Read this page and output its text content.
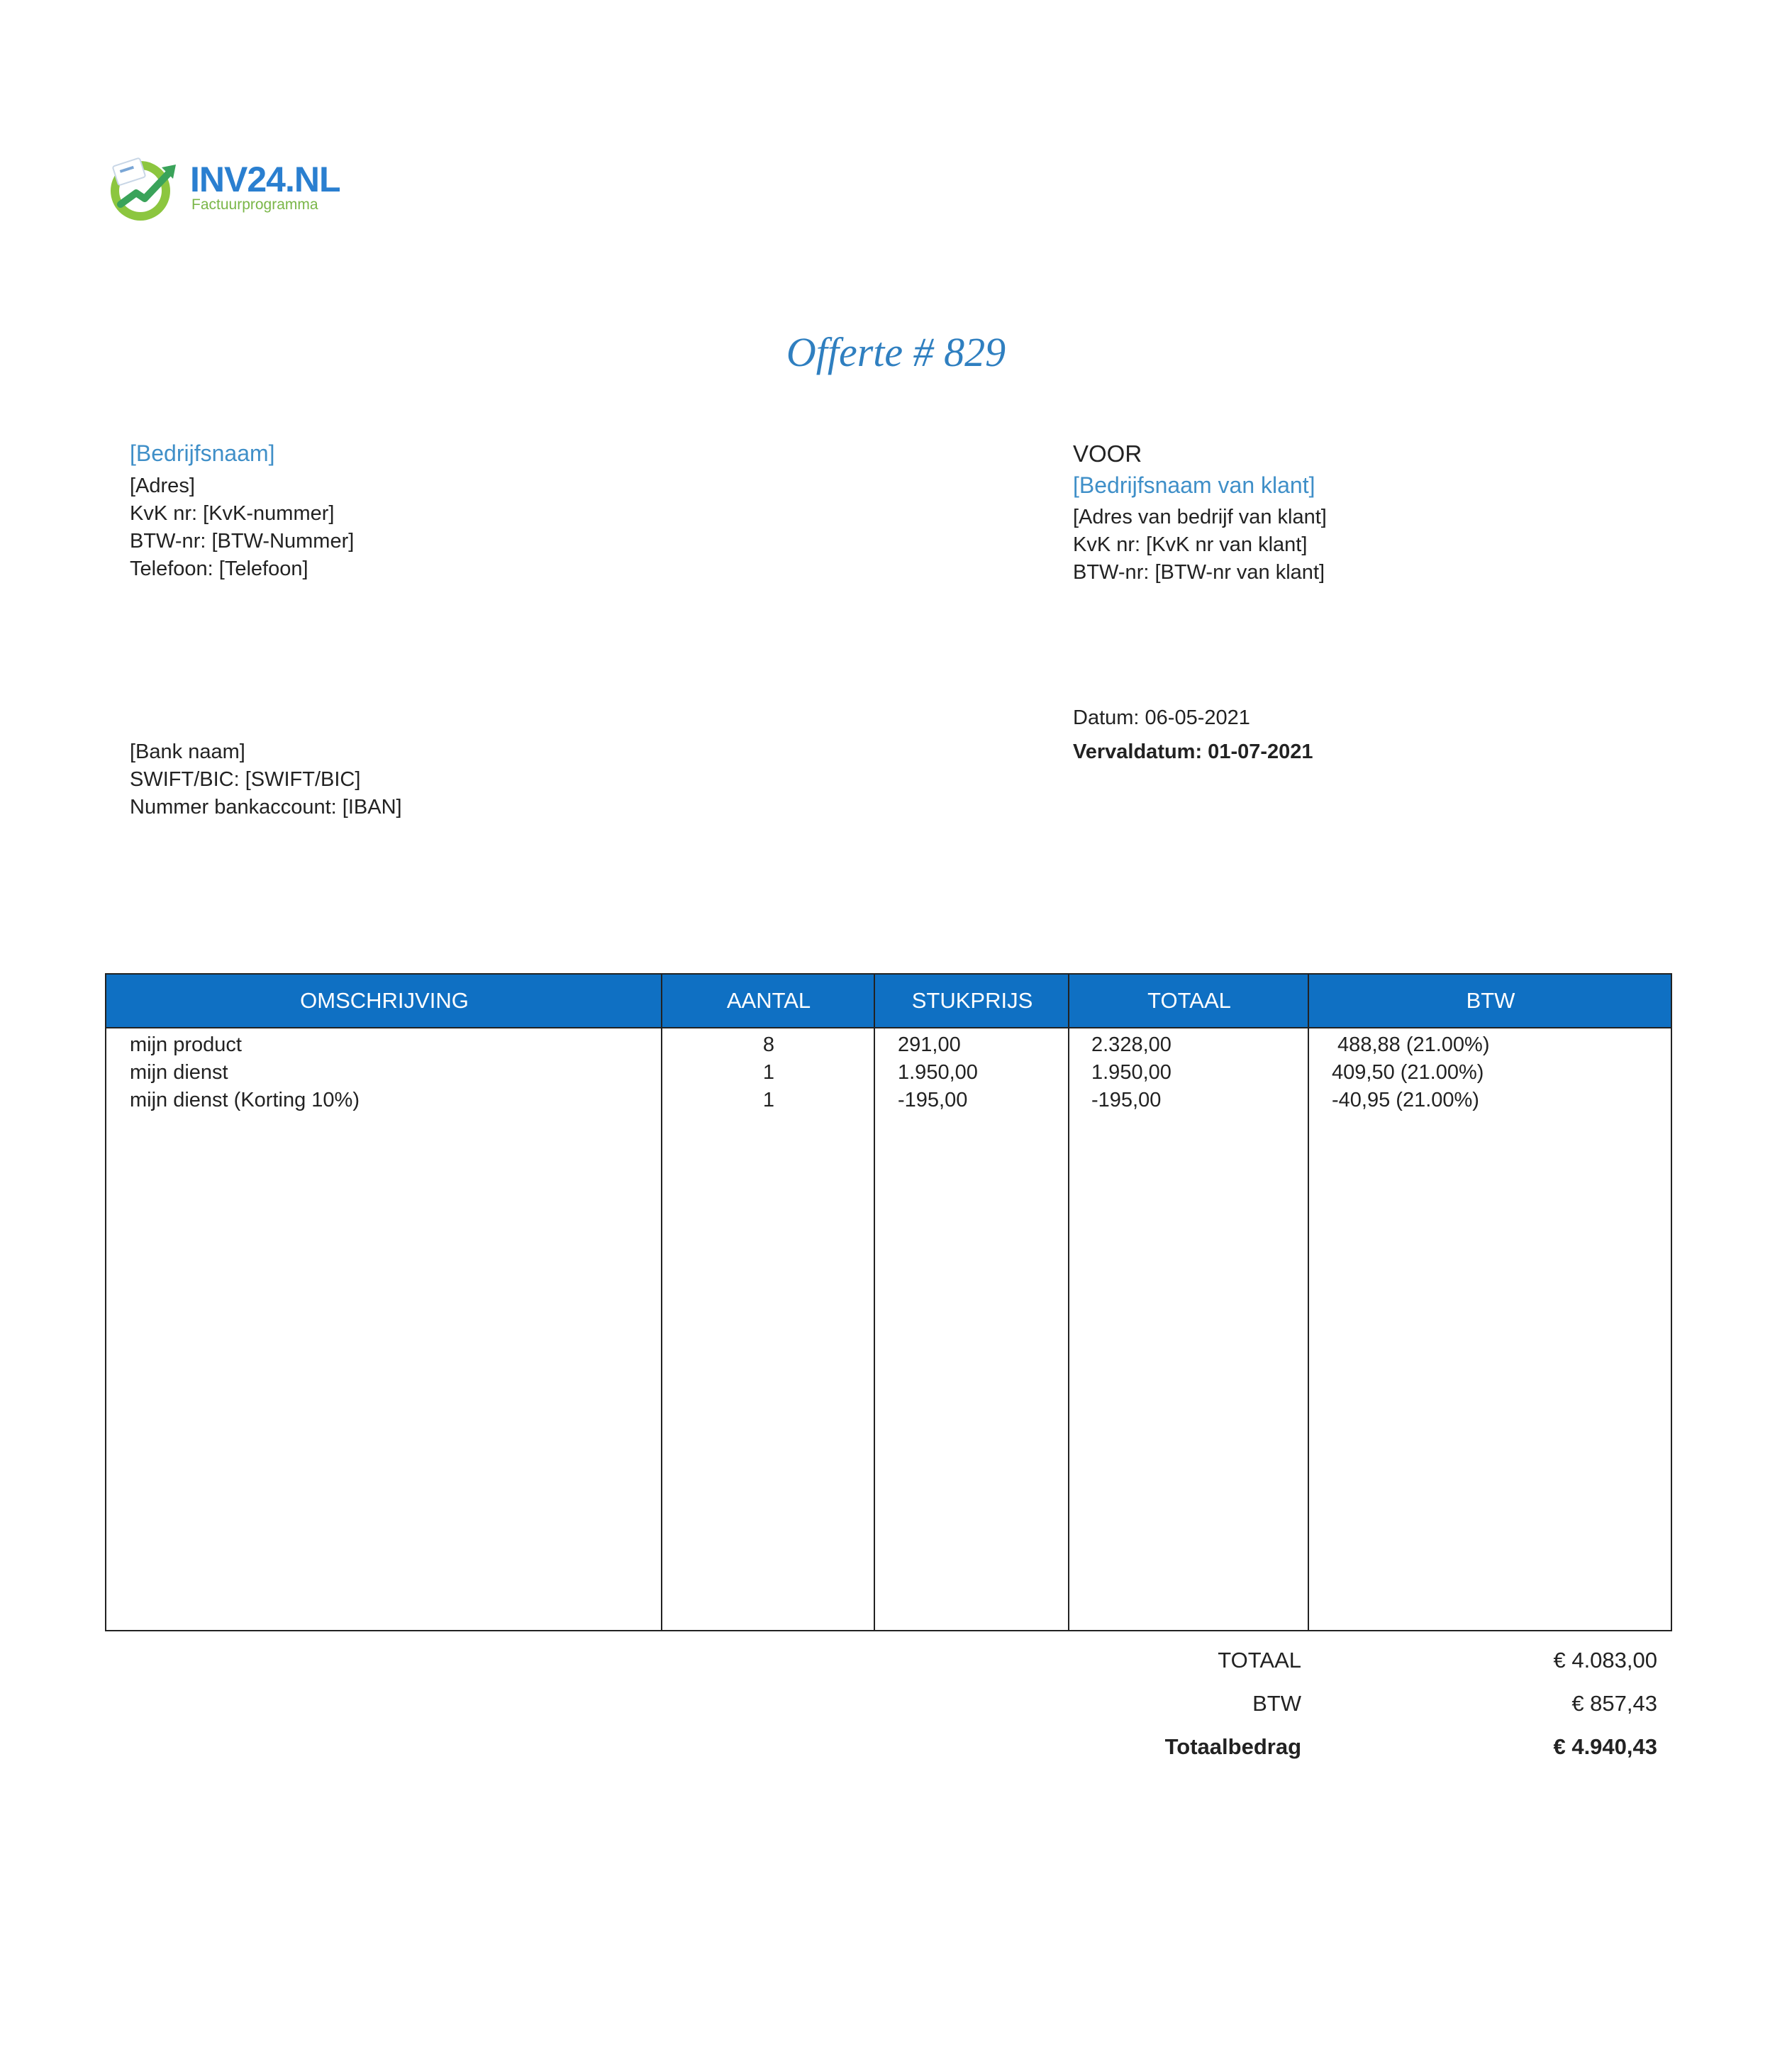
INV24.NL
Factuurprogramma
Offerte # 829
[Bedrijfsnaam]
[Adres]
KvK nr: [KvK-nummer]
BTW-nr: [BTW-Nummer]
Telefoon: [Telefoon]
VOOR
[Bedrijfsnaam van klant]
[Adres van bedrijf van klant]
KvK nr: [KvK nr van klant]
BTW-nr: [BTW-nr van klant]
Datum: 06-05-2021
Vervaldatum: 01-07-2021
[Bank naam]
SWIFT/BIC: [SWIFT/BIC]
Nummer bankaccount: [IBAN]
OMSCHRIJVING	AANTAL	STUKPRIJS	TOTAAL	BTW
mijn product	8	291,00	2.328,00	488,88 (21.00%)
mijn dienst	1	1.950,00	1.950,00	409,50 (21.00%)
mijn dienst (Korting 10%)	1	-195,00	-195,00	-40,95 (21.00%)
TOTAAL	€ 4.083,00
BTW	€ 857,43
Totaalbedrag	€ 4.940,43
